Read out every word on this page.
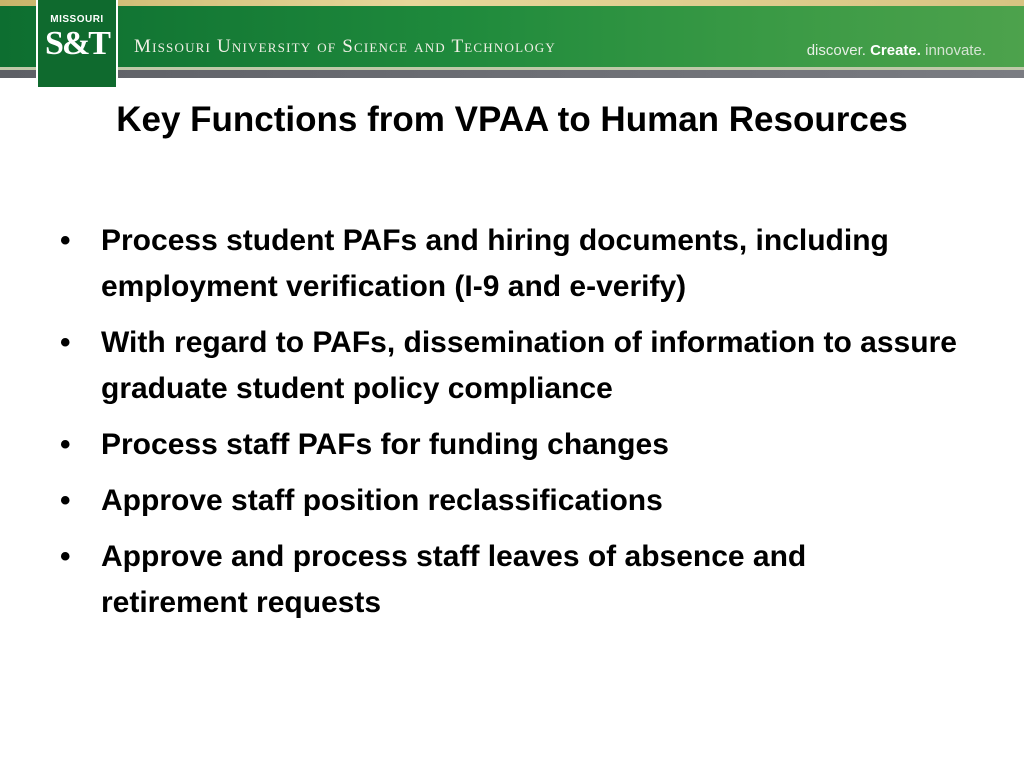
Missouri University of Science and Technology	discover. Create. innovate.
MISSOURI
S&T
Key Functions from VPAA to Human Resources
• Process student PAFs and hiring documents, including employment verification (I-9 and e-verify)
• With regard to PAFs, dissemination of information to assure graduate student policy compliance
• Process staff PAFs for funding changes
• Approve staff position reclassifications
• Approve and process staff leaves of absence and retirement requests
